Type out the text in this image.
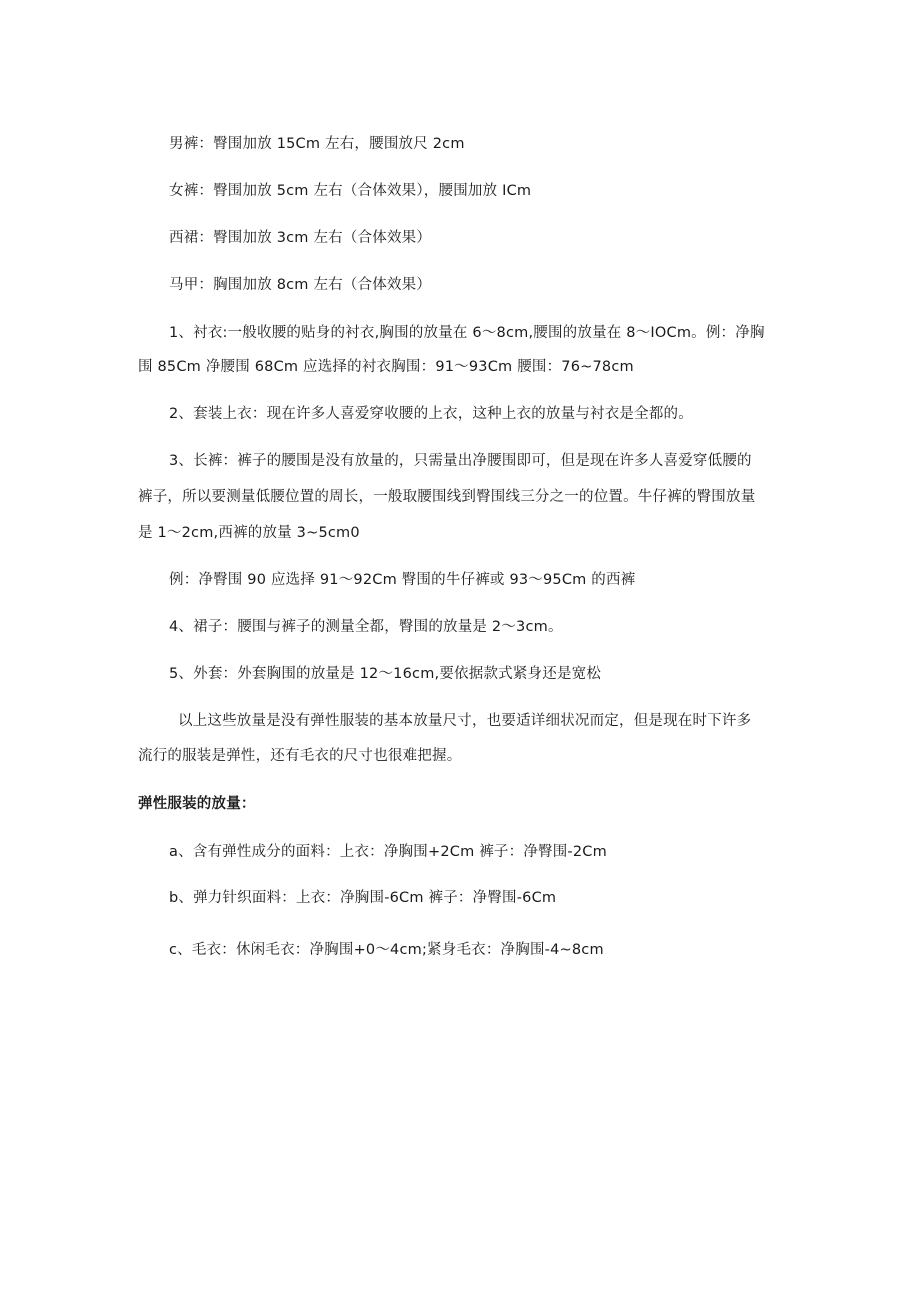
男裤：臀围加放 15Cm 左右，腰围放尺 2cm
女裤：臀围加放 5cm 左右（合体效果），腰围加放 ICm
西裙：臀围加放 3cm 左右（合体效果）
马甲：胸围加放 8cm 左右（合体效果）
1、衬衣:一般收腰的贴身的衬衣,胸围的放量在 6～8cm,腰围的放量在 8～IOCm。例：净胸
围 85Cm 净腰围 68Cm 应选择的衬衣胸围：91～93Cm 腰围：76~78cm
2、套装上衣：现在许多人喜爱穿收腰的上衣，这种上衣的放量与衬衣是全都的。
3、长裤：裤子的腰围是没有放量的，只需量出净腰围即可，但是现在许多人喜爱穿低腰的
裤子，所以要测量低腰位置的周长，一般取腰围线到臀围线三分之一的位置。牛仔裤的臀围放量
是 1～2cm,西裤的放量 3~5cm0
例：净臀围 90 应选择 91～92Cm 臀围的牛仔裤或 93～95Cm 的西裤
4、裙子：腰围与裤子的测量全都，臀围的放量是 2～3cm。
5、外套：外套胸围的放量是 12～16cm,要依据款式紧身还是宽松
以上这些放量是没有弹性服装的基本放量尺寸，也要适详细状况而定，但是现在时下许多
流行的服装是弹性，还有毛衣的尺寸也很难把握。
弹性服装的放量：
a、含有弹性成分的面料：上衣：净胸围+2Cm 裤子：净臀围-2Cm
b、弹力针织面料：上衣：净胸围-6Cm 裤子：净臀围-6Cm
c、毛衣：休闲毛衣：净胸围+0～4cm;紧身毛衣：净胸围-4~8cm
